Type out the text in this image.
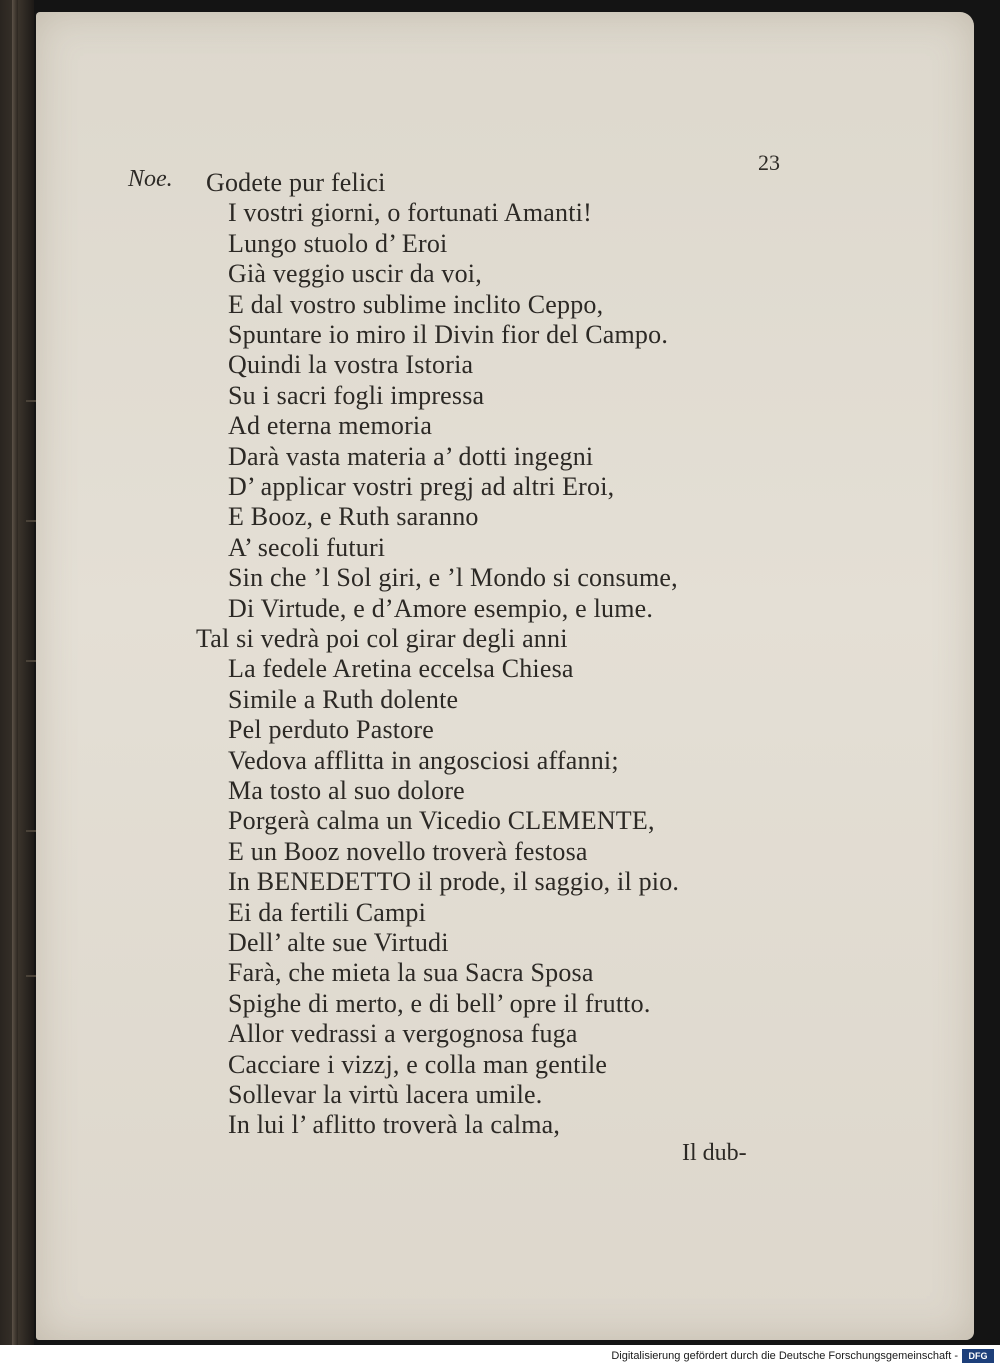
23
Noe. Godete pur felici
I vostri giorni, o fortunati Amanti!
Lungo stuolo d’ Eroi
Già veggio uscir da voi,
E dal vostro sublime inclito Ceppo,
Spuntare io miro il Divin fior del Campo.
Quindi la vostra Istoria
Su i sacri fogli impressa
Ad eterna memoria
Darà vasta materia a’ dotti ingegni
D’ applicar vostri pregj ad altri Eroi,
E Booz, e Ruth saranno
A’ secoli futuri
Sin che ’l Sol giri, e ’l Mondo si consume,
Di Virtude, e d’Amore esempio, e lume.
Tal si vedrà poi col girar degli anni
La fedele Aretina eccelsa Chiesa
Simile a Ruth dolente
Pel perduto Pastore
Vedova afflitta in angosciosi affanni;
Ma tosto al suo dolore
Porgerà calma un Vicedio CLEMENTE,
E un Booz novello troverà festosa
In BENEDETTO il prode, il saggio, il pio.
Ei da fertili Campi
Dell’ alte sue Virtudi
Farà, che mieta la sua Sacra Sposa
Spighe di merto, e di bell’ opre il frutto.
Allor vedrassi a vergognosa fuga
Cacciare i vizzj, e colla man gentile
Sollevar la virtù lacera umile.
In lui l’ aflitto troverà la calma,
Il dub-
Digitalisierung gefördert durch die Deutsche Forschungsgemeinschaft -	DFG
